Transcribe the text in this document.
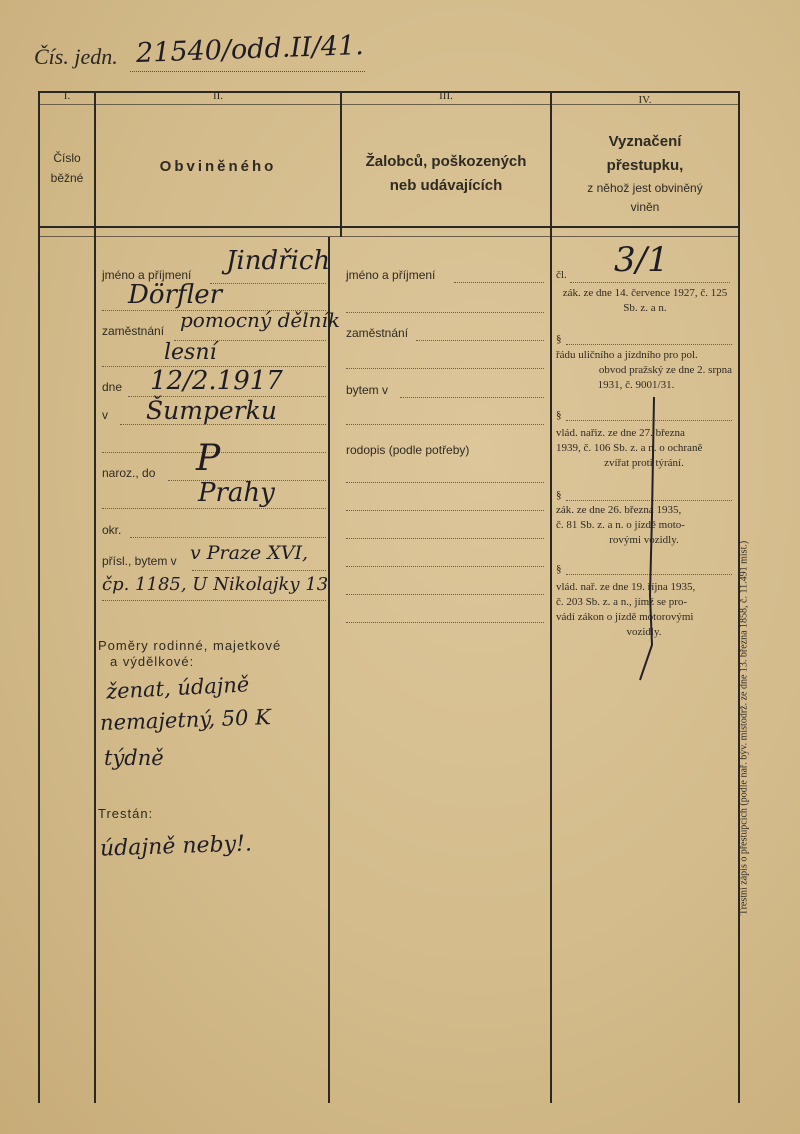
Čís. jedn. 21540/odd.II/41.
I.	II.	III.	IV.
Číslo
běžné
Obviněného	Žalobců, poškozených
neb udávajících
Vyznačení
přestupku,
z něhož jest obviněný
viněn
jméno a příjmení Jindřich
Dörfler
zaměstnání pomocný dělník
lesní
dne 12/2.1917
v Šumperku
naroz., do P
Prahy
okr.
přísl., bytem v v Praze XVI,
čp. 1185, U Nikolajky 13
Poměry rodinné, majetkové
a výdělkové:
ženat, údajně
nemajetný, 50 K
týdně
Trestán:
údajně neby!.
jméno a příjmení
zaměstnání
bytem v
rodopis (podle potřeby)
čl. 3/1
zák. ze dne 14. července 1927, č. 125 Sb. z. a n.
§
řádu uličního a jízdního pro pol.
obvod pražský ze dne 2. srpna
1931, č. 9001/31.
§
vlád. nařiz. ze dne 27. března
1939, č. 106 Sb. z. a n. o ochraně
zvířat proti týrání.
§
zák. ze dne 26. března 1935,
č. 81 Sb. z. a n. o jízdě moto-
rovými vozidly.
§
vlád. nař. ze dne 19. října 1935,
č. 203 Sb. z. a n., jímž se pro-
vádí zákon o jízdě motorovými
vozidly.	Trestní zápis o přestupcích (podle nař. býv. místodrž. ze dne 13. března 1858, č. 11.491 míst.)
